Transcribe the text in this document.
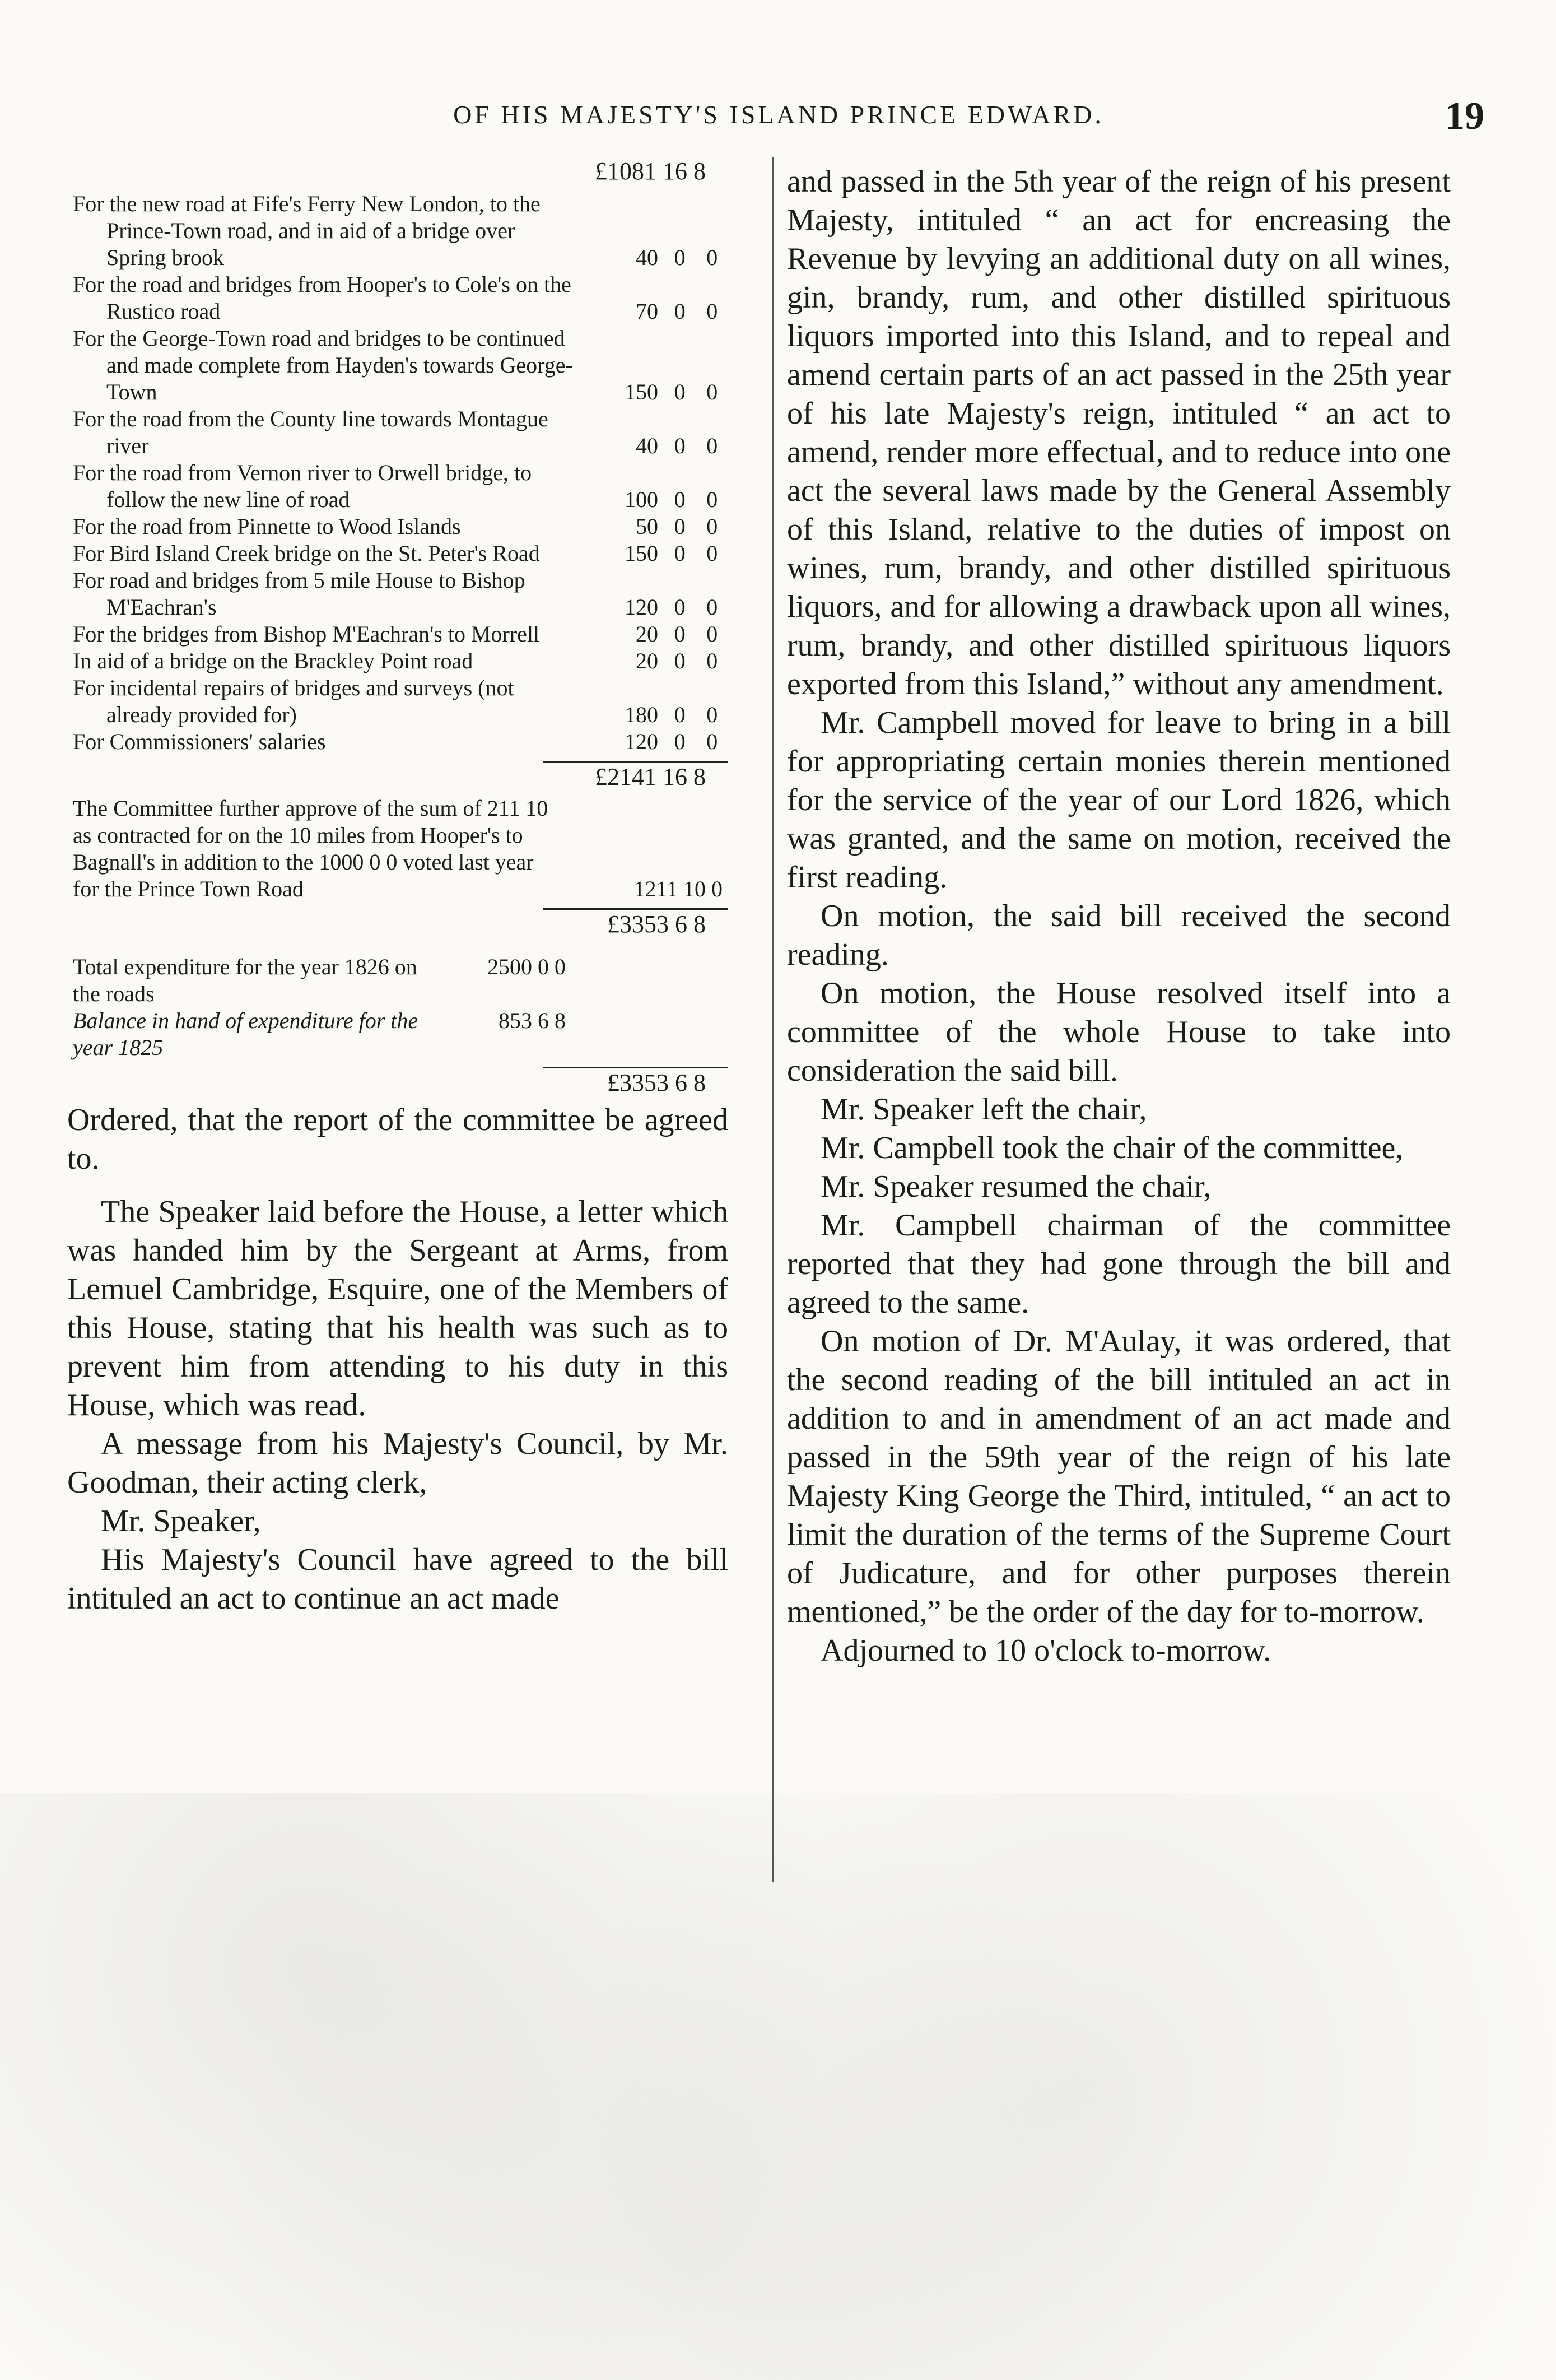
OF HIS MAJESTY'S ISLAND PRINCE EDWARD.	19
£1081 16 8
For the new road at Fife's Ferry New London, to the Prince-Town road, and in aid of a bridge over Spring brook	40	0	0
For the road and bridges from Hooper's to Cole's on the Rustico road	70	0	0
For the George-Town road and bridges to be continued and made complete from Hayden's towards George-Town	150	0	0
For the road from the County line towards Montague river	40	0	0
For the road from Vernon river to Orwell bridge, to follow the new line of road	100	0	0
For the road from Pinnette to Wood Islands	50	0	0
For Bird Island Creek bridge on the St. Peter's Road	150	0	0
For road and bridges from 5 mile House to Bishop M'Eachran's	120	0	0
For the bridges from Bishop M'Eachran's to Morrell	20	0	0
In aid of a bridge on the Brackley Point road	20	0	0
For incidental repairs of bridges and surveys (not already provided for)	180	0	0
For Commissioners' salaries	120	0	0
£2141 16 8
The Committee further approve of the sum of 211 10 as contracted for on the 10 miles from Hooper's to Bagnall's in addition to the 1000 0 0 voted last year for the Prince Town Road	1211 10 0
£3353 6 8
Total expenditure for the year 1826 on the roads
2500 0 0
Balance in hand of expenditure for the year 1825
853 6 8
£3353 6 8
Ordered, that the report of the committee be agreed to.
The Speaker laid before the House, a letter which was handed him by the Sergeant at Arms, from Lemuel Cambridge, Esquire, one of the Members of this House, stating that his health was such as to prevent him from attending to his duty in this House, which was read.
A message from his Majesty's Council, by Mr. Goodman, their acting clerk,
Mr. Speaker,
His Majesty's Council have agreed to the bill intituled an act to continue an act made
and passed in the 5th year of the reign of his present Majesty, intituled “ an act for encreasing the Revenue by levying an additional duty on all wines, gin, brandy, rum, and other distilled spirituous liquors imported into this Island, and to repeal and amend certain parts of an act passed in the 25th year of his late Majesty's reign, intituled “ an act to amend, render more effectual, and to reduce into one act the several laws made by the General Assembly of this Island, relative to the duties of impost on wines, rum, brandy, and other distilled spirituous liquors, and for allowing a drawback upon all wines, rum, brandy, and other distilled spirituous liquors exported from this Island,” without any amendment.
Mr. Campbell moved for leave to bring in a bill for appropriating certain monies therein mentioned for the service of the year of our Lord 1826, which was granted, and the same on motion, received the first reading.
On motion, the said bill received the second reading.
On motion, the House resolved itself into a committee of the whole House to take into consideration the said bill.
Mr. Speaker left the chair,
Mr. Campbell took the chair of the committee,
Mr. Speaker resumed the chair,
Mr. Campbell chairman of the committee reported that they had gone through the bill and agreed to the same.
On motion of Dr. M'Aulay, it was ordered, that the second reading of the bill intituled an act in addition to and in amendment of an act made and passed in the 59th year of the reign of his late Majesty King George the Third, intituled, “ an act to limit the duration of the terms of the Supreme Court of Judicature, and for other purposes therein mentioned,” be the order of the day for to-morrow.
Adjourned to 10 o'clock to-morrow.
